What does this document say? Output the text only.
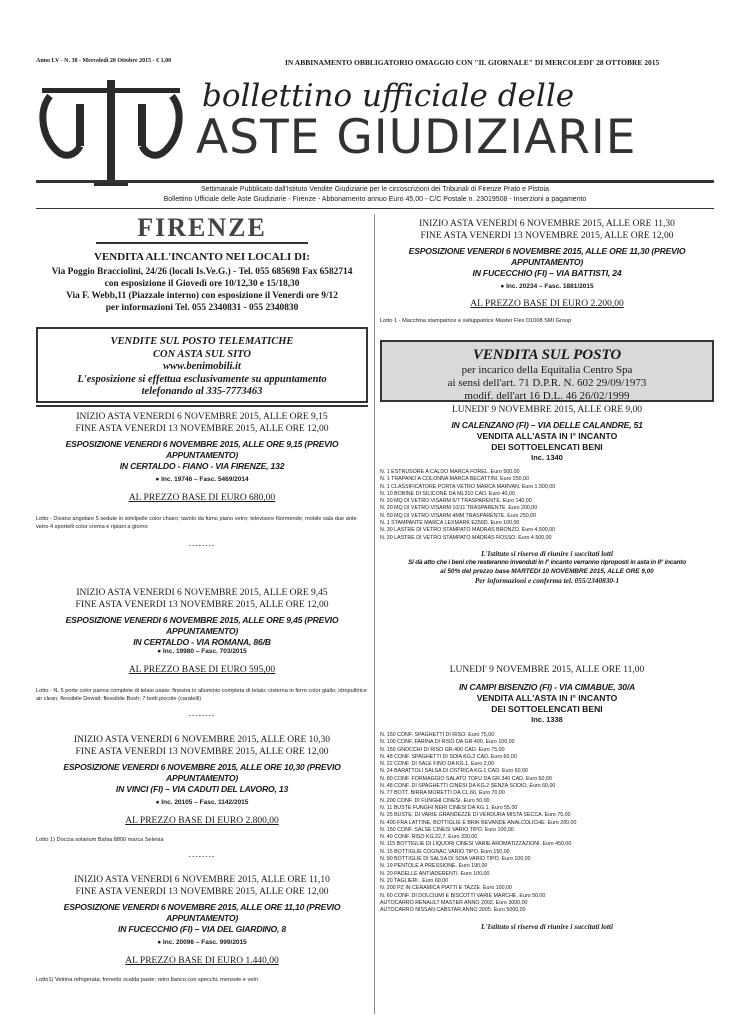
Anno LV - N. 38 - Mercoledì 28 Ottobre 2015 - € 1,00	IN ABBINAMENTO OBBLIGATORIO OMAGGIO CON "IL GIORNALE" DI MERCOLEDI' 28 OTTOBRE 2015
bollettino ufficiale delle
ASTE GIUDIZIARIE
Settimanale Pubblicato dall'Istituto Vendite Giudiziarie per le circoscrizioni dei Tribunali di Firenze Prato e Pistoia
Bollettino Ufficiale delle Aste Giudiziarie - Firenze - Abbonamento annuo Euro 45,00 - C/C Postale n. 23019508 - Inserzioni a pagamento
FIRENZE
VENDITA ALL'INCANTO NEI LOCALI DI:
Via Poggio Bracciolini, 24/26 (locali Is.Ve.G.) - Tel. 055 685698 Fax 6582714
con esposizione il Giovedì ore 10/12,30 e 15/18,30
Via F. Webb,11 (Piazzale interno) con esposizione il Venerdì ore 9/12
per informazioni Tel. 055 2340831 - 055 2340830
VENDITE SUL POSTO TELEMATICHE
CON ASTA SUL SITO
www.benimobili.it
L'esposizione si effettua esclusivamente su appuntamento
telefonando al 335-7773463
INIZIO ASTA VENERDI 6 NOVEMBRE 2015, ALLE ORE 9,15
FINE ASTA VENERDI 13 NOVEMBRE 2015, ALLE ORE 12,00
ESPOSIZIONE VENERDI 6 NOVEMBRE 2015, ALLE ORE 9,15 (PREVIO APPUNTAMENTO)
IN CERTALDO - FIANO - VIA FIRENZE, 132
● Inc. 19746 – Fasc. 5469/2014
AL PREZZO BASE DI EURO 680,00
Lotto - Divano angolare 5 sedute in similpelle color chiaro; tavolo da fumo piano vetro; televisore Normende; mobile sala due ante vetro 4 sportelli color crema e ripiani a giorno
--------
INIZIO ASTA VENERDI 6 NOVEMBRE 2015, ALLE ORE 9,45
FINE ASTA VENERDI 13 NOVEMBRE 2015, ALLE ORE 12,00
ESPOSIZIONE VENERDI 6 NOVEMBRE 2015, ALLE ORE 9,45 (PREVIO APPUNTAMENTO)
IN CERTALDO - VIA ROMANA, 86/B
● Inc. 19980 – Fasc. 703/2015
AL PREZZO BASE DI EURO 595,00
Lotto - N. 5 porte color panna complete di telaio usate; finestra in alluminio completa di telaio; cisterna in ferro color giallo; idropulitrice air clean; flessibile Dewalt; flessibile Bosh; 7 botti piccole (caratelli)
--------
INIZIO ASTA VENERDI 6 NOVEMBRE 2015, ALLE ORE 10,30
FINE ASTA VENERDI 13 NOVEMBRE 2015, ALLE ORE 12,00
ESPOSIZIONE VENERDI 6 NOVEMBRE 2015, ALLE ORE 10,30 (PREVIO APPUNTAMENTO)
IN VINCI (FI) – VIA CADUTI DEL LAVORO, 13
● Inc. 20105 – Fasc. 1142/2015
AL PREZZO BASE DI EURO 2.800,00
Lotto 1) Doccia solarium Bahia 8800 marca Selenia
--------
INIZIO ASTA VENERDI 6 NOVEMBRE 2015, ALLE ORE 11,10
FINE ASTA VENERDI 13 NOVEMBRE 2015, ALLE ORE 12,00
ESPOSIZIONE VENERDI 6 NOVEMBRE 2015, ALLE ORE 11,10 (PREVIO APPUNTAMENTO)
IN FUCECCHIO (FI) – VIA DEL GIARDINO, 8
● Inc. 20096 – Fasc. 999/2015
AL PREZZO BASE DI EURO 1.440,00
Lotto1) Vetrina refrigerata; fornetto scalda paste; retro banco con specchi, mensole e vetri
INIZIO ASTA VENERDI 6 NOVEMBRE 2015, ALLE ORE 11,30
FINE ASTA VENERDI 13 NOVEMBRE 2015, ALLE ORE 12,00
ESPOSIZIONE VENERDI 6 NOVEMBRE 2015, ALLE ORE 11,30 (PREVIO APPUNTAMENTO)
IN FUCECCHIO (FI) – VIA BATTISTI, 24
● Inc. 20234 – Fasc. 1881/2015
AL PREZZO BASE DI EURO 2.200,00
Lotto 1 - Macchina stampatrice e sviluppatrice Master Flex D1008 SMI Group
VENDITA SUL POSTO
per incarico della Equitalia Centro Spa
ai sensi dell'art. 71 D.P.R. N. 602 29/09/1973
modif. dell'art 16 D.L. 46 26/02/1999
LUNEDI' 9 NOVEMBRE 2015, ALLE ORE 9,00
IN CALENZANO (FI) – VIA DELLE CALANDRE, 51
VENDITA ALL'ASTA IN I° INCANTO
DEI SOTTOELENCATI BENI
Inc. 1340
N. 1 ESTRUSORE A CALDO MARCA FOREL. Euro 500,00
N. 1 TRAPANO A COLONNA MARCA BECATTINI. Euro 250,00
N. 1 CLASSIFICATORE PORTA VETRO MARCA MARVAN. Euro 1.500,00
N. 10 BOBINE DI SILICONE DA ML310 CAD. Euro 40,00
N. 20 MQ DI VETRO VISARM 6/7 TRASPARENTE. Euro 140,00
N. 20 MQ DI VETRO VISARM 10/11 TRASPARENTE. Euro 200,00
N. 50 MQ DI VETRO VISARM 4MM TRASPARENTE. Euro 250,00
N. 1 STAMPANTE MARCA LEXMARK E250D. Euro 100,00
N. 30 LASTRE DI VETRO STAMPATO MADRAS BRONZO. Euro 4.500,00
N. 30 LASTRE DI VETRO STAMPATO MADRAS ROSSO. Euro 4.500,00
L'Istituto si riserva di riunire i succitati lotti
Si dà atto che i beni che resteranno invenduti in I° incanto verranno riproposti in asta in II° incanto
al 50% del prezzo base MARTEDI 10 NOVEMBRE 2015, ALLE ORE 9,00
Per informazioni e conferma tel. 055/2340830-1
LUNEDI' 9 NOVEMBRE 2015, ALLE ORE 11,00
IN CAMPI BISENZIO (FI) - VIA CIMABUE, 30/A
VENDITA ALL'ASTA IN I° INCANTO
DEI SOTTOELENCATI BENI
Inc. 1338
N. 150 CONF. SPAGHETTI DI RISO. Euro 75,00
N. 100 CONF. FARINA DI RISO DA GR.400. Euro 100,00
N. 150 GNOCCHI DI RISO GR.400 CAD. Euro 75,00
N. 48 CONF. SPAGHETTI DI SOIA KG.2 CAD. Euro 60,00
N. 22 CONF. DI SALE FINO DA KG.1. Euro 2,00
N. 24 BARATTOLI SALSA DI OSTRICA KG.1 CAD. Euro 60,00
N. 80 CONF. FORMAGGIO SALATO TOFU DA GR.340 CAD. Euro 60,00
N. 48 CONF. DI SPAGHETTI CINESI DA KG.2 SENZA SODIO. Euro 60,00
N. 77 BOTT. BIRRA MORETTI DA CL.66. Euro 70,00
N. 200 CONF. DI FUNGHI CINESI. Euro 50,00
N. 11 BUSTE FUNGHI NERI CINESI DA KG.1. Euro 55,00
N. 25 BUSTE. DI VARIE GRANDEZZE DI VERDURA MISTA SECCA. Euro 75,00
N. 400 FRA LATTINE, BOTTIGLIE E BRIK BEVANDE ANALCOLICHE. Euro 200,00
N. 150 CONF. SALSE CINESI VARIO TIPO. Euro 100,00
N. 40 CONF. RISO KG.22,7. Euro 330,00
N. 115 BOTTIGLIE DI LIQUORI CINESI VARIE AROMATIZZAZIONI. Euro 450,00
N. 15 BOTTIGLIE COGNAC VARIO TIPO. Euro 150,00
N. 90 BOTTIGLIE DI SALSA DI SOIA VARIO TIPO. Euro 100,00
N. 19 PENTOLE A PRESSIONE. Euro 190,00
N. 20 PADELLE ANTIADERENTI. Euro 100,00
N. 20 TAGLIERI . Euro 60,00
N. 200 PZ IN CERAMICA PIATTI E TAZZE. Euro 100,00
N. 60 CONF. DI DOLCIUMI E BISCOTTI VARIE MARCHE. Euro 50,00
AUTOCARRO RENAULT MASTER ANNO 2002. Euro 3000,00
AUTOCARRO NISSAN CABSTAR ANNO 2005. Euro 5000,00
L'Istituto si riserva di riunire i succitati lotti
